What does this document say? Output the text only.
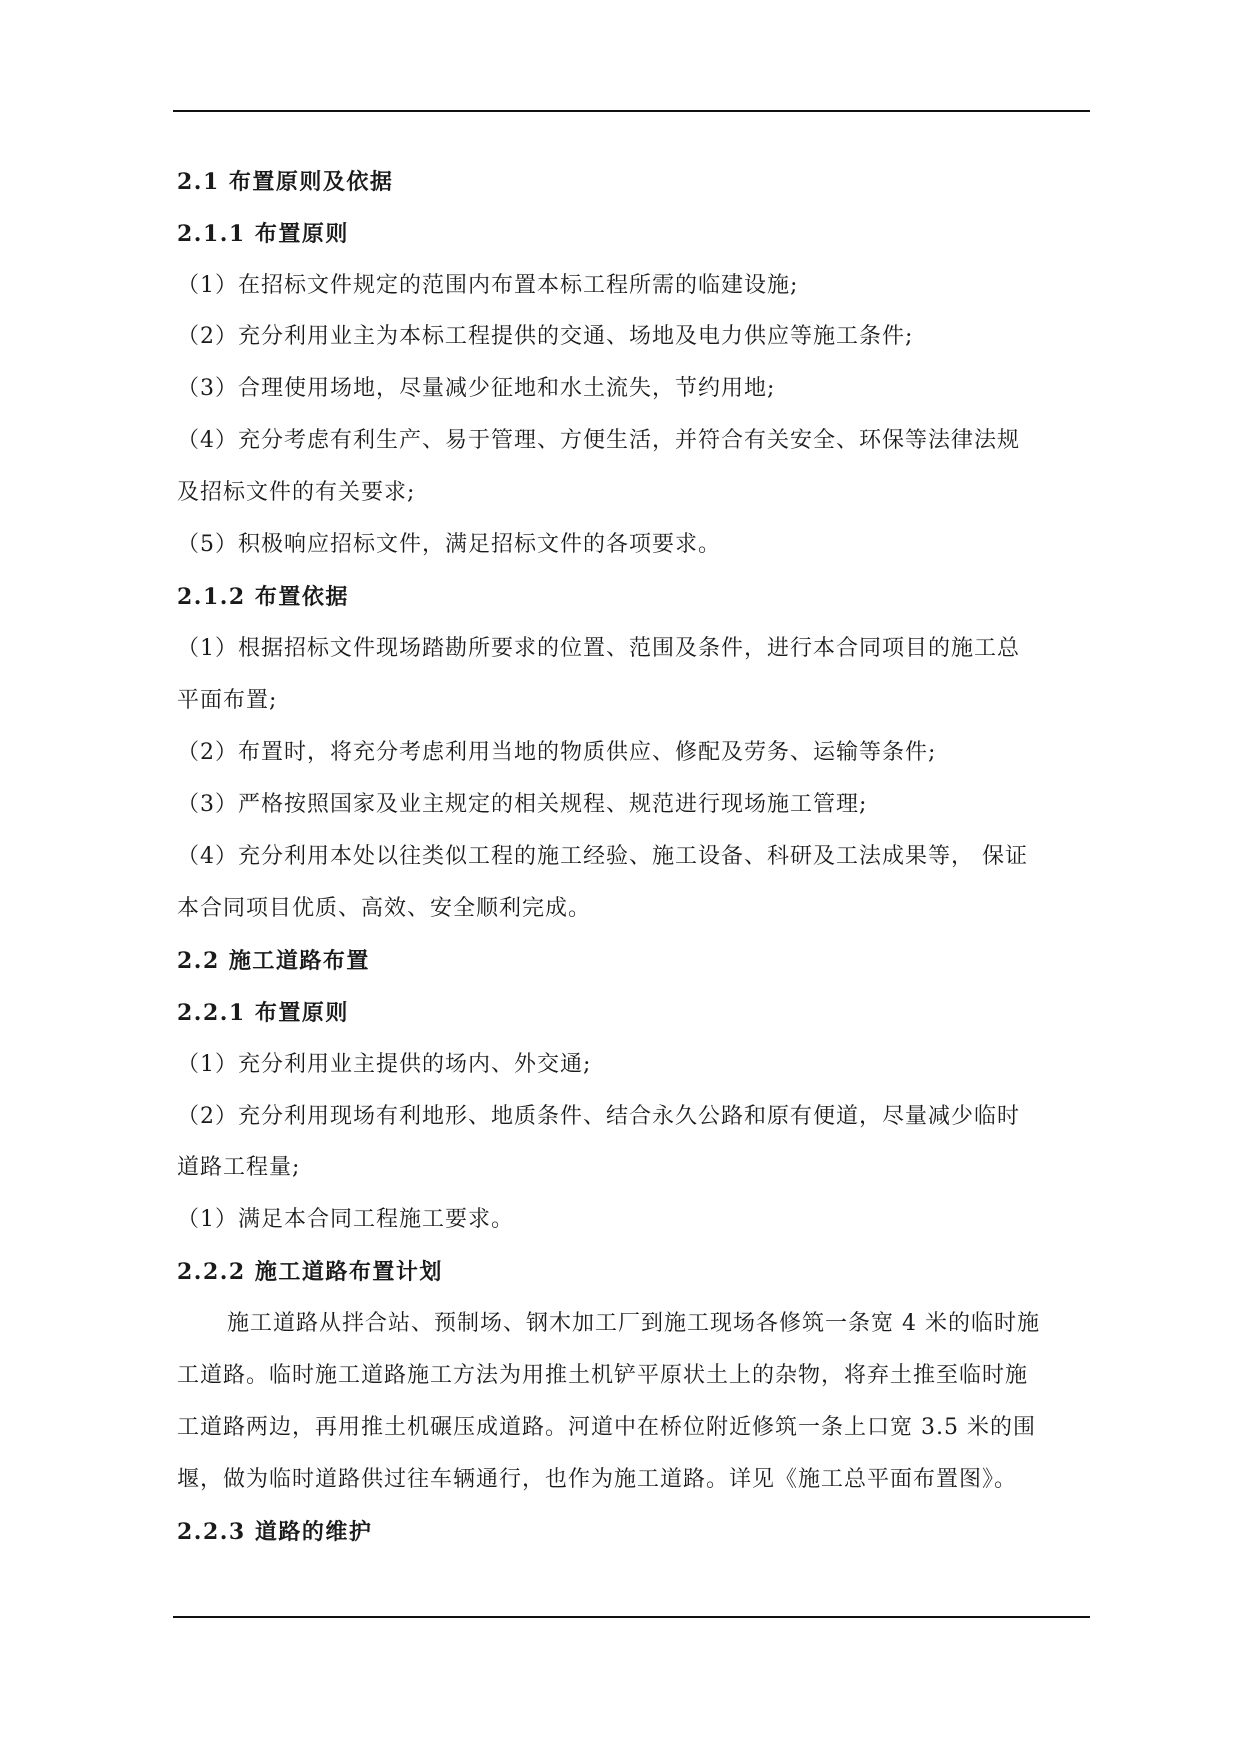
2.1 布置原则及依据
2.1.1 布置原则
（1）在招标文件规定的范围内布置本标工程所需的临建设施;
（2）充分利用业主为本标工程提供的交通、场地及电力供应等施工条件;
（3）合理使用场地，尽量减少征地和水土流失，节约用地;
（4）充分考虑有利生产、易于管理、方便生活，并符合有关安全、环保等法律法规
及招标文件的有关要求;
（5）积极响应招标文件，满足招标文件的各项要求。
2.1.2 布置依据
（1）根据招标文件现场踏勘所要求的位置、范围及条件，进行本合同项目的施工总
平面布置;
（2）布置时，将充分考虑利用当地的物质供应、修配及劳务、运输等条件;
（3）严格按照国家及业主规定的相关规程、规范进行现场施工管理;
（4）充分利用本处以往类似工程的施工经验、施工设备、科研及工法成果等， 保证
本合同项目优质、高效、安全顺利完成。
2.2 施工道路布置
2.2.1 布置原则
（1）充分利用业主提供的场内、外交通;
（2）充分利用现场有利地形、地质条件、结合永久公路和原有便道，尽量减少临时
道路工程量;
（1）满足本合同工程施工要求。
2.2.2 施工道路布置计划
施工道路从拌合站、预制场、钢木加工厂到施工现场各修筑一条宽 4 米的临时施
工道路。临时施工道路施工方法为用推土机铲平原状土上的杂物，将弃土推至临时施
工道路两边，再用推土机碾压成道路。河道中在桥位附近修筑一条上口宽 3.5 米的围
堰，做为临时道路供过往车辆通行，也作为施工道路。详见《施工总平面布置图》。
2.2.3 道路的维护
